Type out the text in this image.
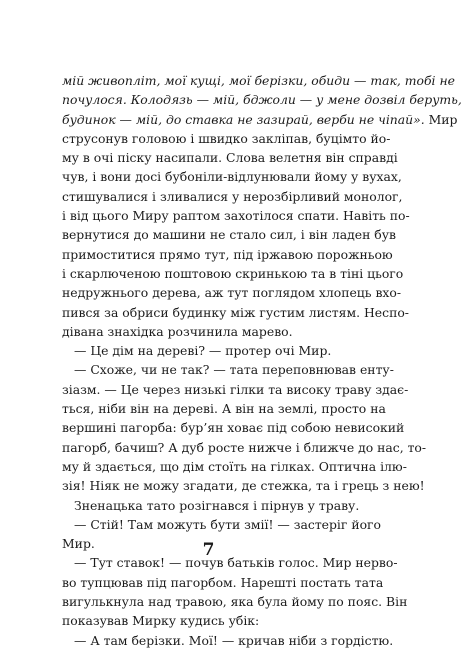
мій живопліт, мої кущі, мої берізки, обиди — так, тобі не
почулося. Колодязь — мій, бджоли — у мене дозвіл беруть,
будинок — мій, до ставка не зазирай, верби не чіпай». Мир
струсонув головою і швидко закліпав, буцімто йо-
му в очі піску насипали. Слова велетня він справді
чув, і вони досі бубоніли-відлунювали йому у вухах,
стишувалися і зливалися у нерозбірливий монолог,
і від цього Миру раптом захотілося спати. Навіть по-
вернутися до машини не стало сил, і він ладен був
примоститися прямо тут, під іржавою порожньою
і скарлюченою поштовою скринькою та в тіні цього
недружнього дерева, аж тут поглядом хлопець вхо-
пився за обриси будинку між густим листям. Неспо-
дівана знахідка розчинила марево.
— Це дім на дереві? — протер очі Мир.
— Схоже, чи не так? — тата переповнював енту-
зіазм. — Це через низькі гілки та високу траву здає-
ться, ніби він на дереві. А він на землі, просто на
вершині пагорба: бур’ян ховає під собою невисокий
пагорб, бачиш? А дуб росте нижче і ближче до нас, то-
му й здається, що дім стоїть на гілках. Оптична ілю-
зія! Ніяк не можу згадати, де стежка, та і грець з нею!
Зненацька тато розігнався і пірнув у траву.
— Стій! Там можуть бути змії! — застеріг його
Мир.
— Тут ставок! — почув батьків голос. Мир нерво-
во тупцював під пагорбом. Нарешті постать тата
вигулькнула над травою, яка була йому по пояс. Він
показував Мирку кудись убік:
— А там берізки. Мої! — кричав ніби з гордістю.
7
